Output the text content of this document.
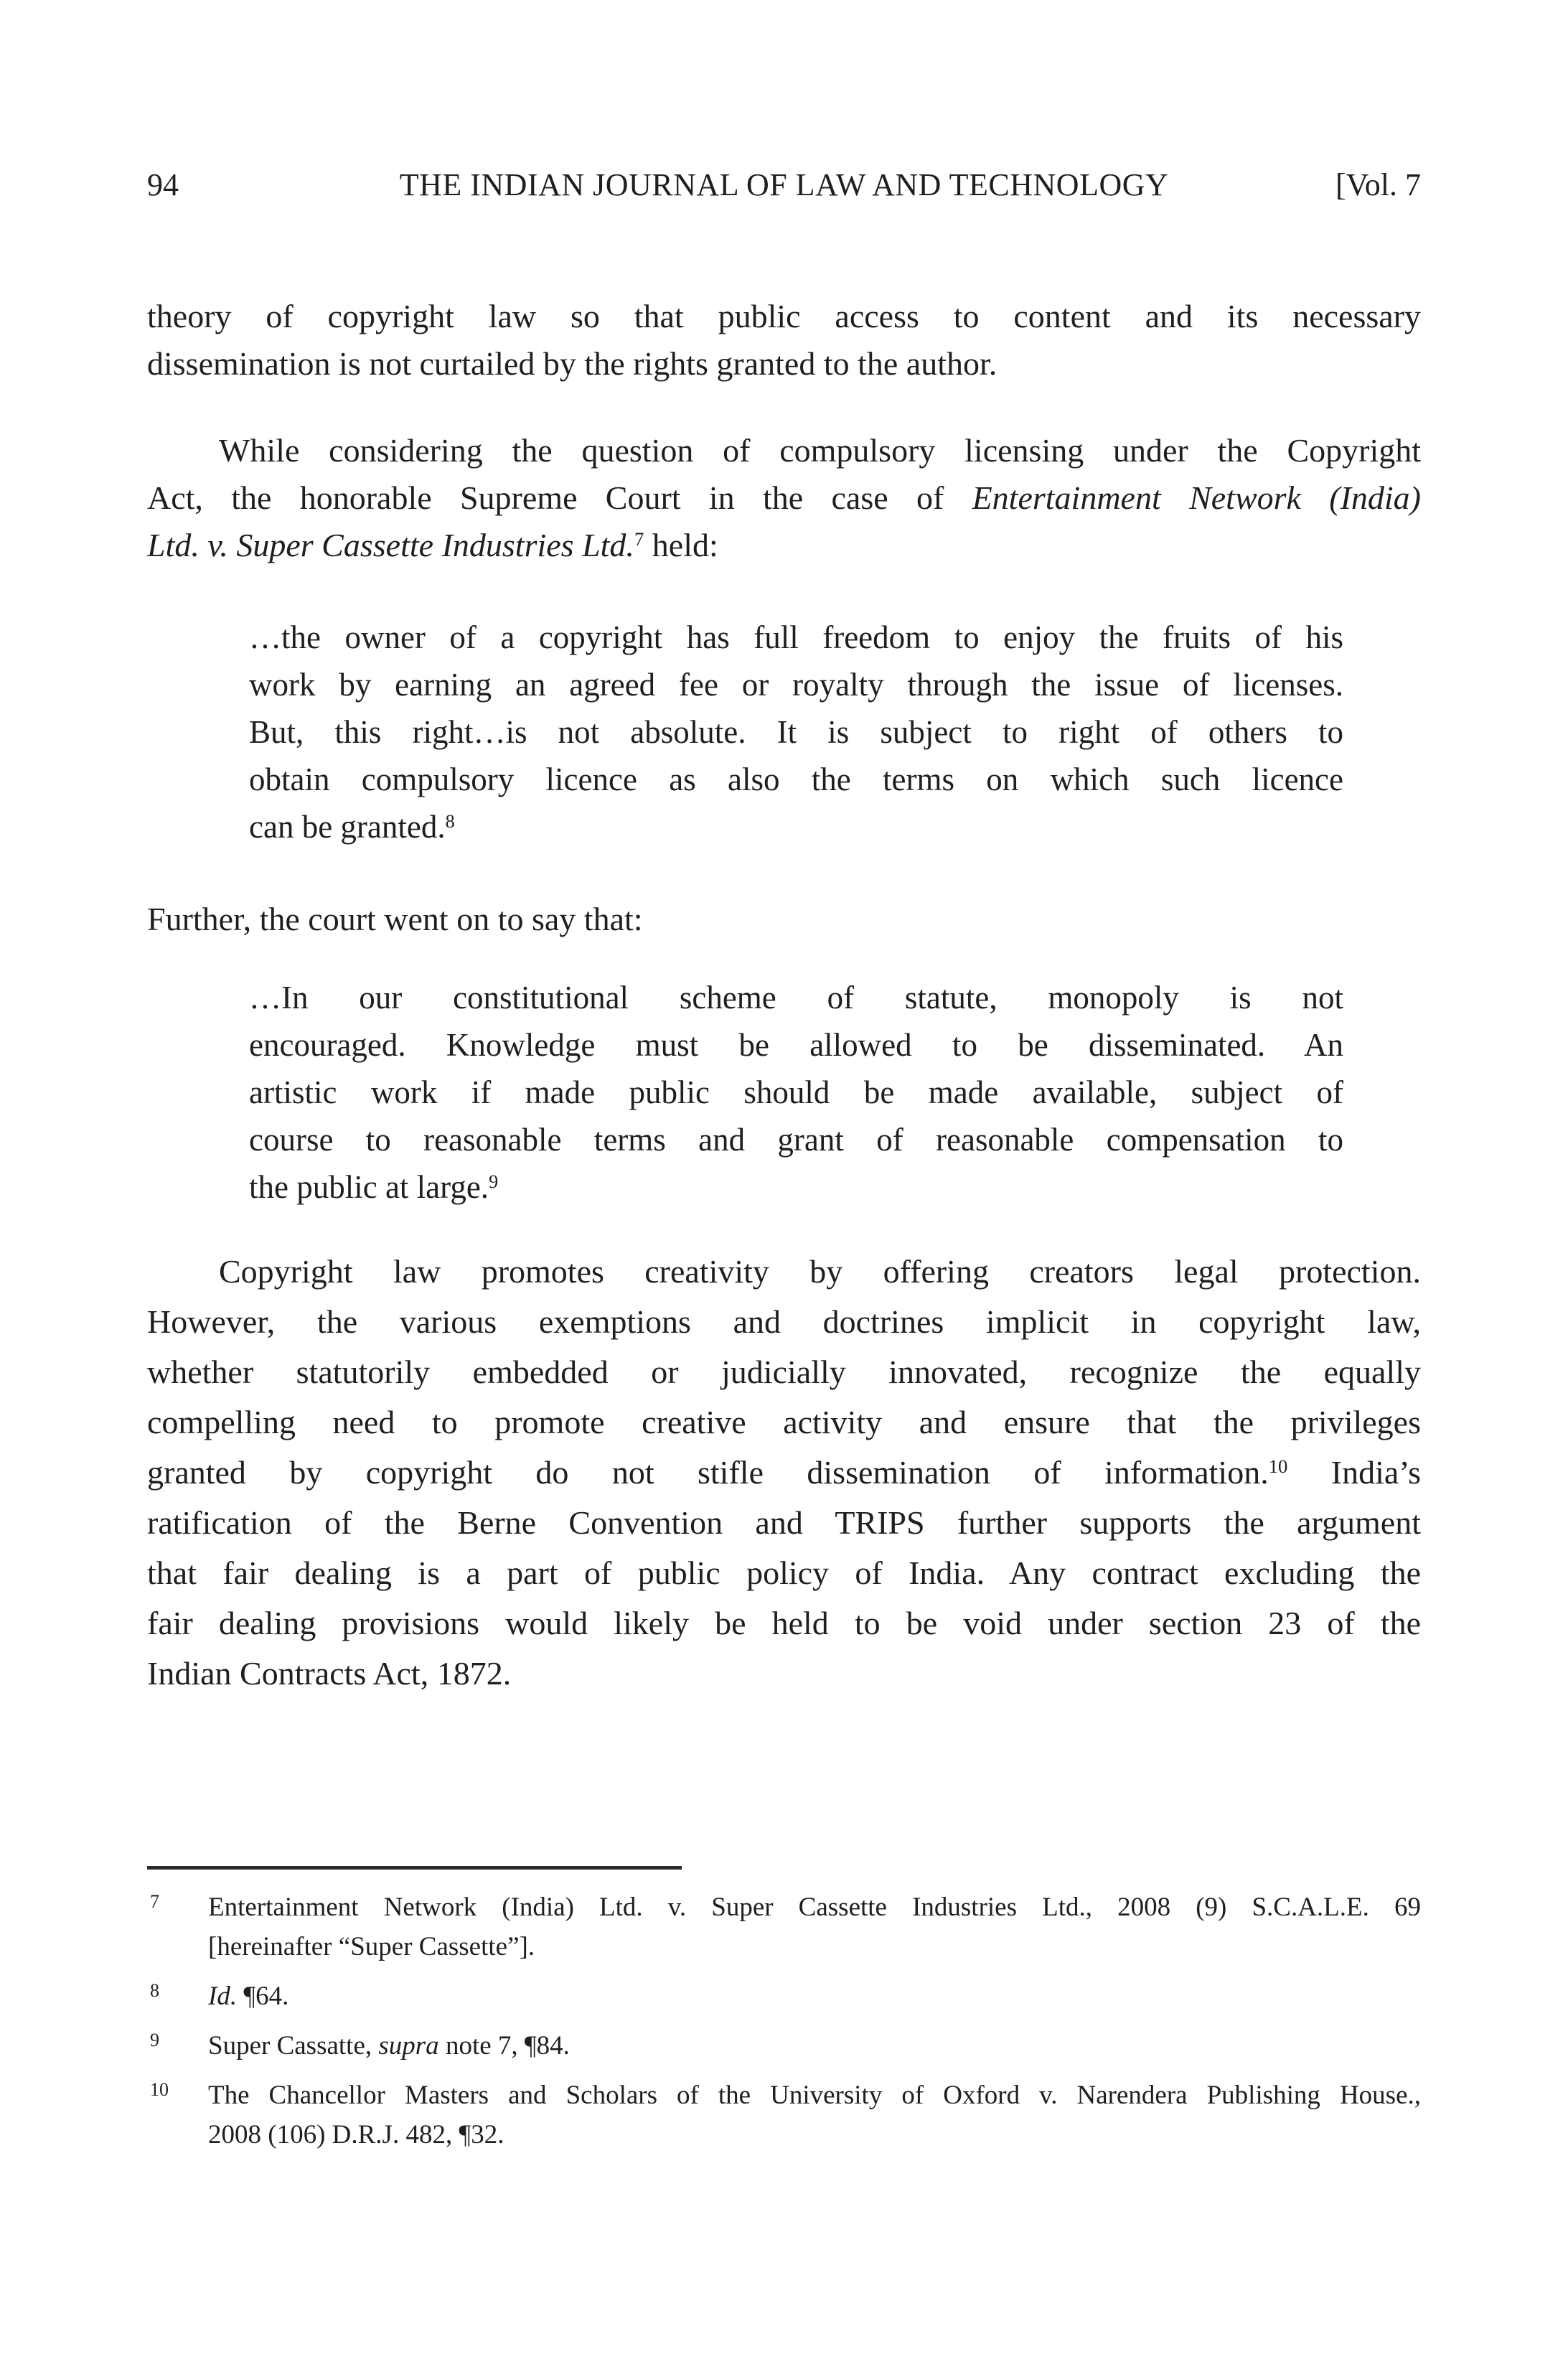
94	THE INDIAN JOURNAL OF LAW AND TECHNOLOGY	[Vol. 7
theory of copyright law so that public access to content and its necessary
dissemination is not curtailed by the rights granted to the author.
While considering the question of compulsory licensing under the Copyright
Act, the honorable Supreme Court in the case of Entertainment Network (India)
Ltd. v. Super Cassette Industries Ltd.$^7$ held:
…the owner of a copyright has full freedom to enjoy the fruits of his
work by earning an agreed fee or royalty through the issue of licenses.
But, this right…is not absolute. It is subject to right of others to
obtain compulsory licence as also the terms on which such licence
can be granted.$^8$
Further, the court went on to say that:
…In our constitutional scheme of statute, monopoly is not
encouraged. Knowledge must be allowed to be disseminated. An
artistic work if made public should be made available, subject of
course to reasonable terms and grant of reasonable compensation to
the public at large.$^9$
Copyright law promotes creativity by offering creators legal protection.
However, the various exemptions and doctrines implicit in copyright law,
whether statutorily embedded or judicially innovated, recognize the equally
compelling need to promote creative activity and ensure that the privileges
granted by copyright do not stifle dissemination of information.$^{10}$ India’s
ratification of the Berne Convention and TRIPS further supports the argument
that fair dealing is a part of public policy of India. Any contract excluding the
fair dealing provisions would likely be held to be void under section 23 of the
Indian Contracts Act, 1872.
7 Entertainment Network (India) Ltd. v. Super Cassette Industries Ltd., 2008 (9) S.C.A.L.E. 69
[hereinafter “Super Cassette”].
8 Id. ¶64.
9 Super Cassatte, supra note 7, ¶84.
10 The Chancellor Masters and Scholars of the University of Oxford v. Narendera Publishing House.,
2008 (106) D.R.J. 482, ¶32.
